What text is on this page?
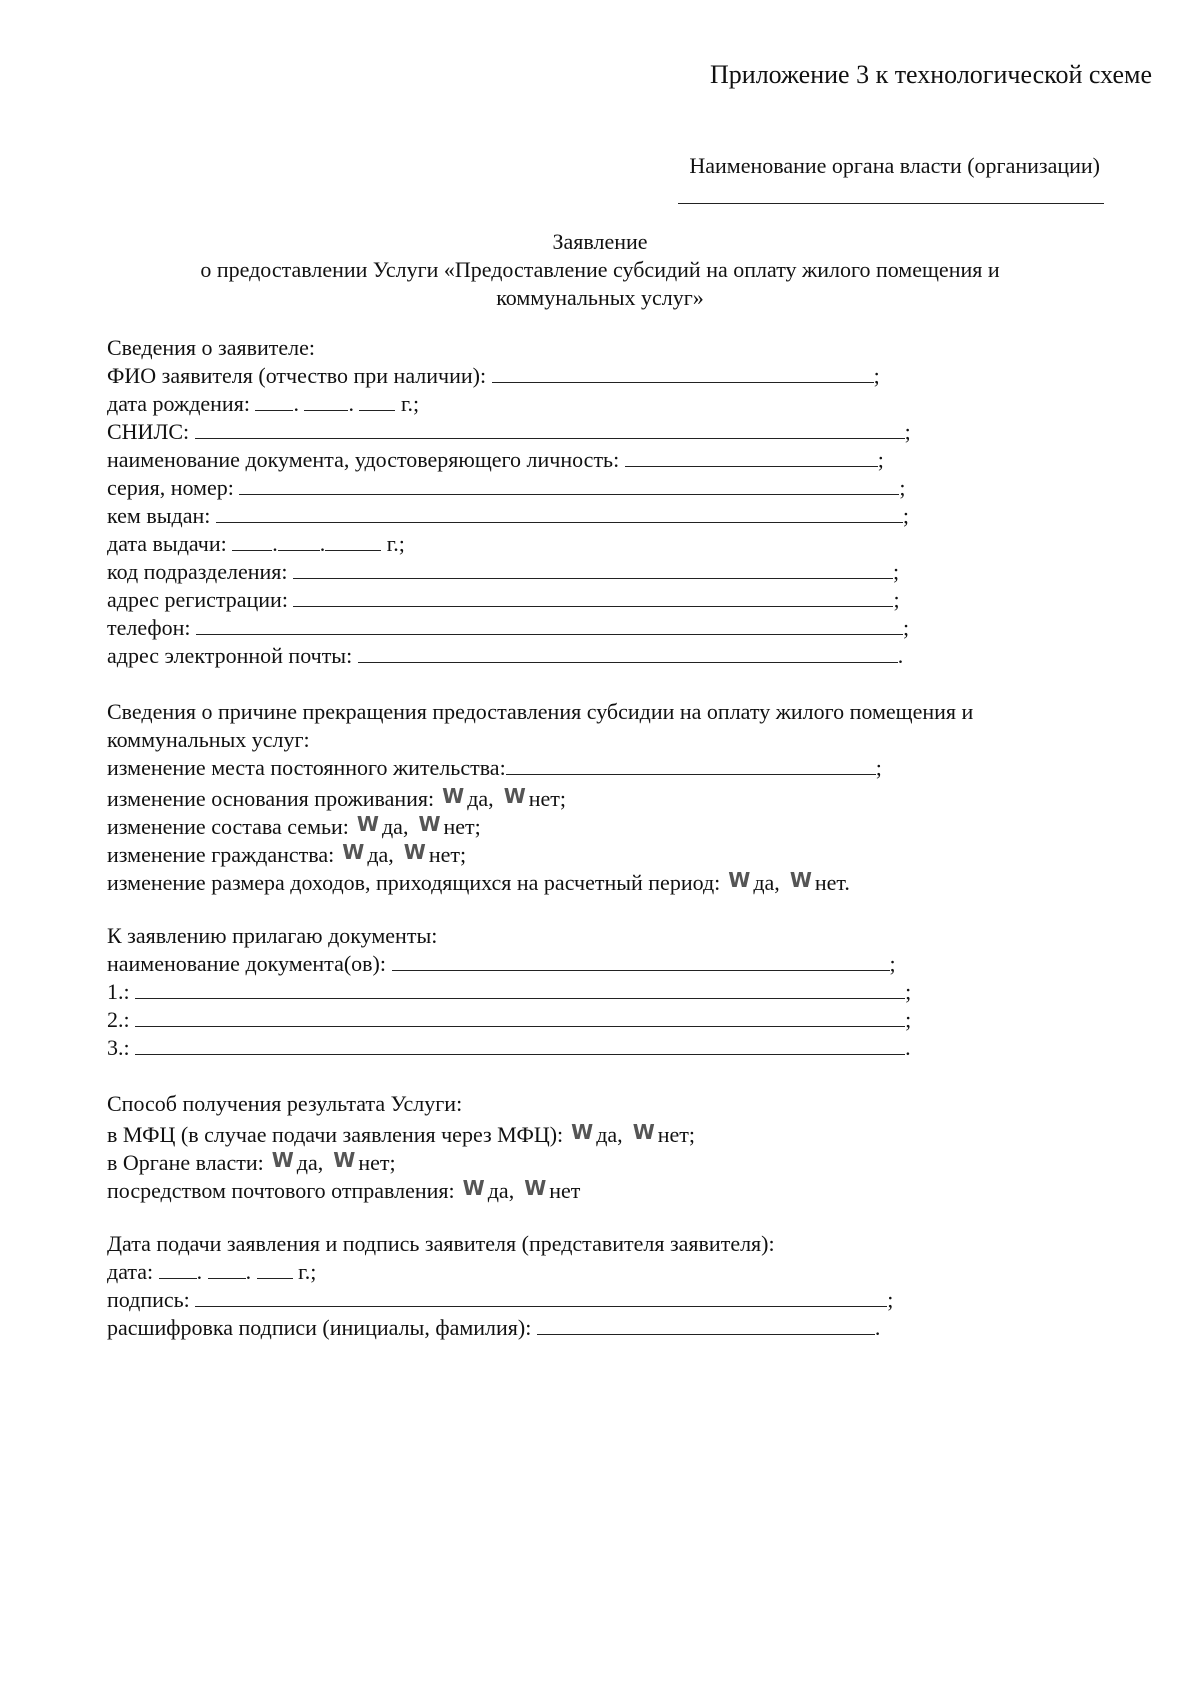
Приложение 3 к технологической схеме
Наименование органа власти (организации)
Заявление
о предоставлении Услуги «Предоставление субсидий на оплату жилого помещения и
коммунальных услуг»
Сведения о заявителе:
ФИО заявителя (отчество при наличии):	;
дата рождения: . .  г.;
СНИЛС:	;
наименование документа, удостоверяющего личность:	;
серия, номер:	;
кем выдан:	;
дата выдачи: . .	г.;
код подразделения:	;
адрес регистрации:	;
телефон:	;
адрес электронной почты:	.
Сведения о причине прекращения предоставления субсидии на оплату жилого помещения и
коммунальных услуг:
изменение места постоянного жительства:	;
изменение основания проживания: W да, W нет;
изменение состава семьи: W да, W нет;
изменение гражданства: W да, W нет;
изменение размера доходов, приходящихся на расчетный период: W да, W нет.
К заявлению прилагаю документы:
наименование документа(ов):	;
1.:	;
2.:	;
3.:	.
Способ получения результата Услуги:
в МФЦ (в случае подачи заявления через МФЦ): W да, W нет;
в Органе власти: W да, W нет;
посредством почтового отправления: W да, W нет
Дата подачи заявления и подпись заявителя (представителя заявителя):
дата: . .  г.;
подпись:	;
расшифровка подписи (инициалы, фамилия):	.
